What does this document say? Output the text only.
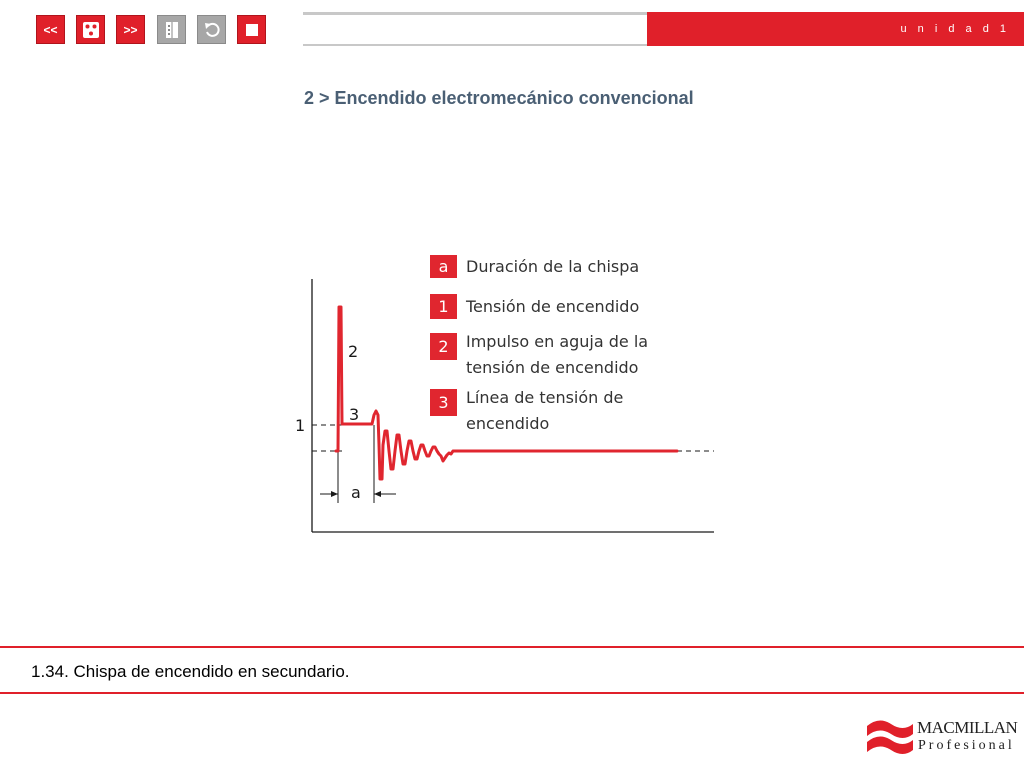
<<	>>	u n i d a d 1
2 > Encendido electromecánico convencional
1
2
3
a
a Duración de la chispa
1 Tensión de encendido
2 Impulso en aguja de la
tensión de encendido
3 Línea de tensión de
encendido
1.34. Chispa de encendido en secundario.
MACMILLAN
Profesional
